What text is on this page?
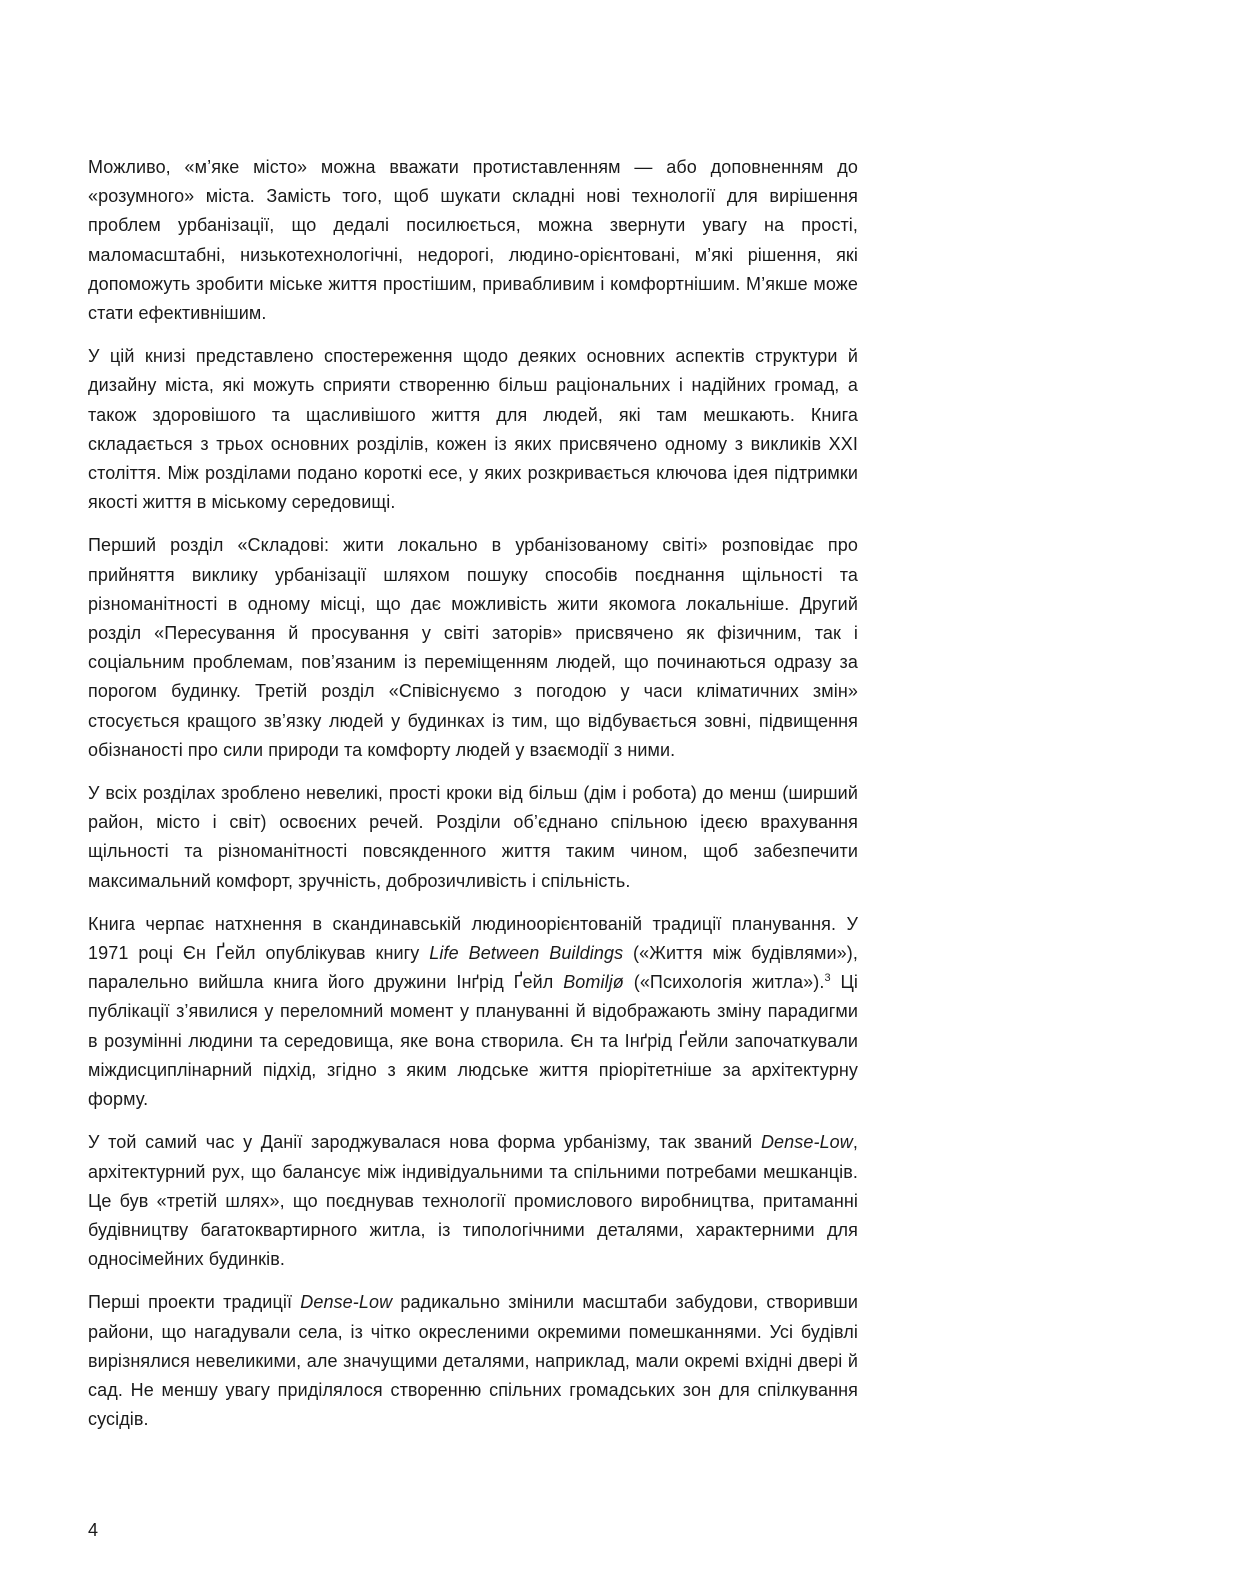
Можливо, «м’яке місто» можна вважати протиставленням — або доповненням до «розумного» міста. Замість того, щоб шукати складні нові технології для вирішення проблем урбанізації, що дедалі посилюється, можна звернути увагу на прості, маломасштабні, низькотехнологічні, недорогі, людино-орієнтовані, м’які рішення, які допоможуть зробити міське життя простішим, привабливим і комфортнішим. М’якше може стати ефективнішим.

У цій книзі представлено спостереження щодо деяких основних аспектів структури й дизайну міста, які можуть сприяти створенню більш раціональних і надійних громад, а також здоровішого та щасливішого життя для людей, які там мешкають. Книга складається з трьох основних розділів, кожен із яких присвячено одному з викликів XXI століття. Між розділами подано короткі есе, у яких розкривається ключова ідея підтримки якості життя в міському середовищі.

Перший розділ «Складові: жити локально в урбанізованому світі» розповідає про прийняття виклику урбанізації шляхом пошуку способів поєднання щільності та різноманітності в одному місці, що дає можливість жити якомога локальніше. Другий розділ «Пересування й просування у світі заторів» присвячено як фізичним, так і соціальним проблемам, пов’язаним із переміщенням людей, що починаються одразу за порогом будинку. Третій розділ «Співіснуємо з погодою у часи кліматичних змін» стосується кращого зв’язку людей у будинках із тим, що відбувається зовні, підвищення обізнаності про сили природи та комфорту людей у взаємодії з ними.

У всіх розділах зроблено невеликі, прості кроки від більш (дім і робота) до менш (ширший район, місто і світ) освоєних речей. Розділи об’єднано спільною ідеєю врахування щільності та різноманітності повсякденного життя таким чином, щоб забезпечити максимальний комфорт, зручність, доброзичливість і спільність.

Книга черпає натхнення в скандинавській людиноорієнтованій традиції планування. У 1971 році Єн Ґейл опублікував книгу Life Between Buildings («Життя між будівлями»), паралельно вийшла книга його дружини Інґрід Ґейл Bomiljø («Психологія житла»).$^3$ Ці публікації з’явилися у переломний момент у плануванні й відображають зміну парадигми в розумінні людини та середовища, яке вона створила. Єн та Інґрід Ґейли започаткували міждисциплінарний підхід, згідно з яким людське життя пріорітетніше за архітектурну форму.

У той самий час у Данії зароджувалася нова форма урбанізму, так званий Dense-Low, архітектурний рух, що балансує між індивідуальними та спільними потребами мешканців. Це був «третій шлях», що поєднував технології промислового виробництва, притаманні будівництву багатоквартирного житла, із типологічними деталями, характерними для односімейних будинків.

Перші проекти традиції Dense-Low радикально змінили масштаби забудови, створивши райони, що нагадували села, із чітко окресленими окремими помешканнями. Усі будівлі вирізнялися невеликими, але значущими деталями, наприклад, мали окремі вхідні двері й сад. Не меншу увагу приділялося створенню спільних громадських зон для спілкування сусідів.

4
